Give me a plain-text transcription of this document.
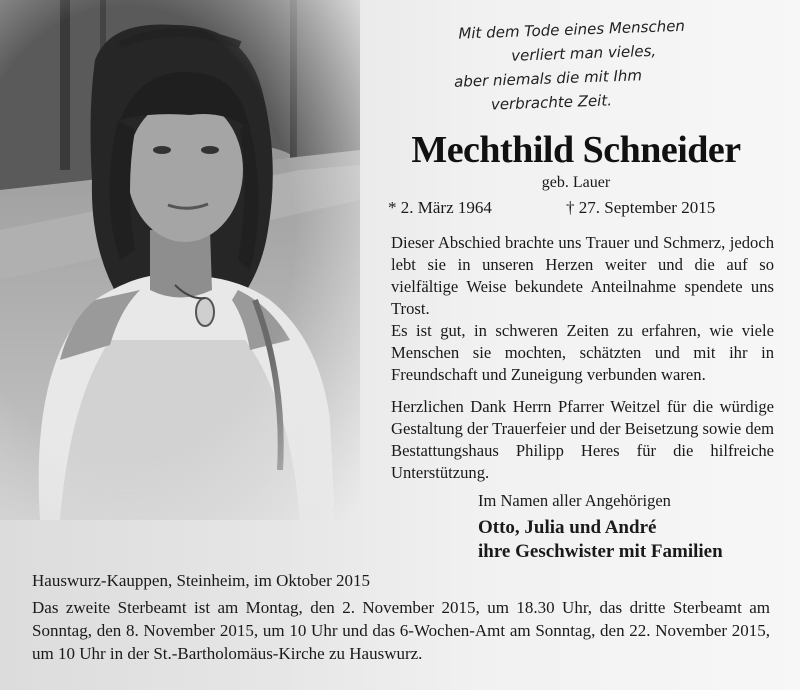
Mit dem Tode eines Menschen
verliert man vieles,
aber niemals die mit Ihm
verbrachte Zeit.
Mechthild Schneider
geb. Lauer
* 2. März 1964	† 27. September 2015
Dieser Abschied brachte uns Trauer und Schmerz, jedoch lebt sie in unseren Herzen weiter und die auf so vielfältige Weise bekundete Anteilnahme spendete uns Trost.
Es ist gut, in schweren Zeiten zu erfahren, wie viele Menschen sie mochten, schätzten und mit ihr in Freundschaft und Zuneigung verbunden waren.
Herzlichen Dank Herrn Pfarrer Weitzel für die würdige Gestaltung der Trauerfeier und der Beisetzung sowie dem Bestattungshaus Philipp Heres für die hilfreiche Unterstützung.
Im Namen aller Angehörigen
Otto, Julia und André
ihre Geschwister mit Familien
Hauswurz-Kauppen, Steinheim, im Oktober 2015
Das zweite Sterbeamt ist am Montag, den 2. November 2015, um 18.30 Uhr, das dritte Sterbeamt am Sonntag, den 8. November 2015, um 10 Uhr und das 6-Wochen-Amt am Sonntag, den 22. November 2015, um 10 Uhr in der St.-Bartholomäus-Kirche zu Hauswurz.
